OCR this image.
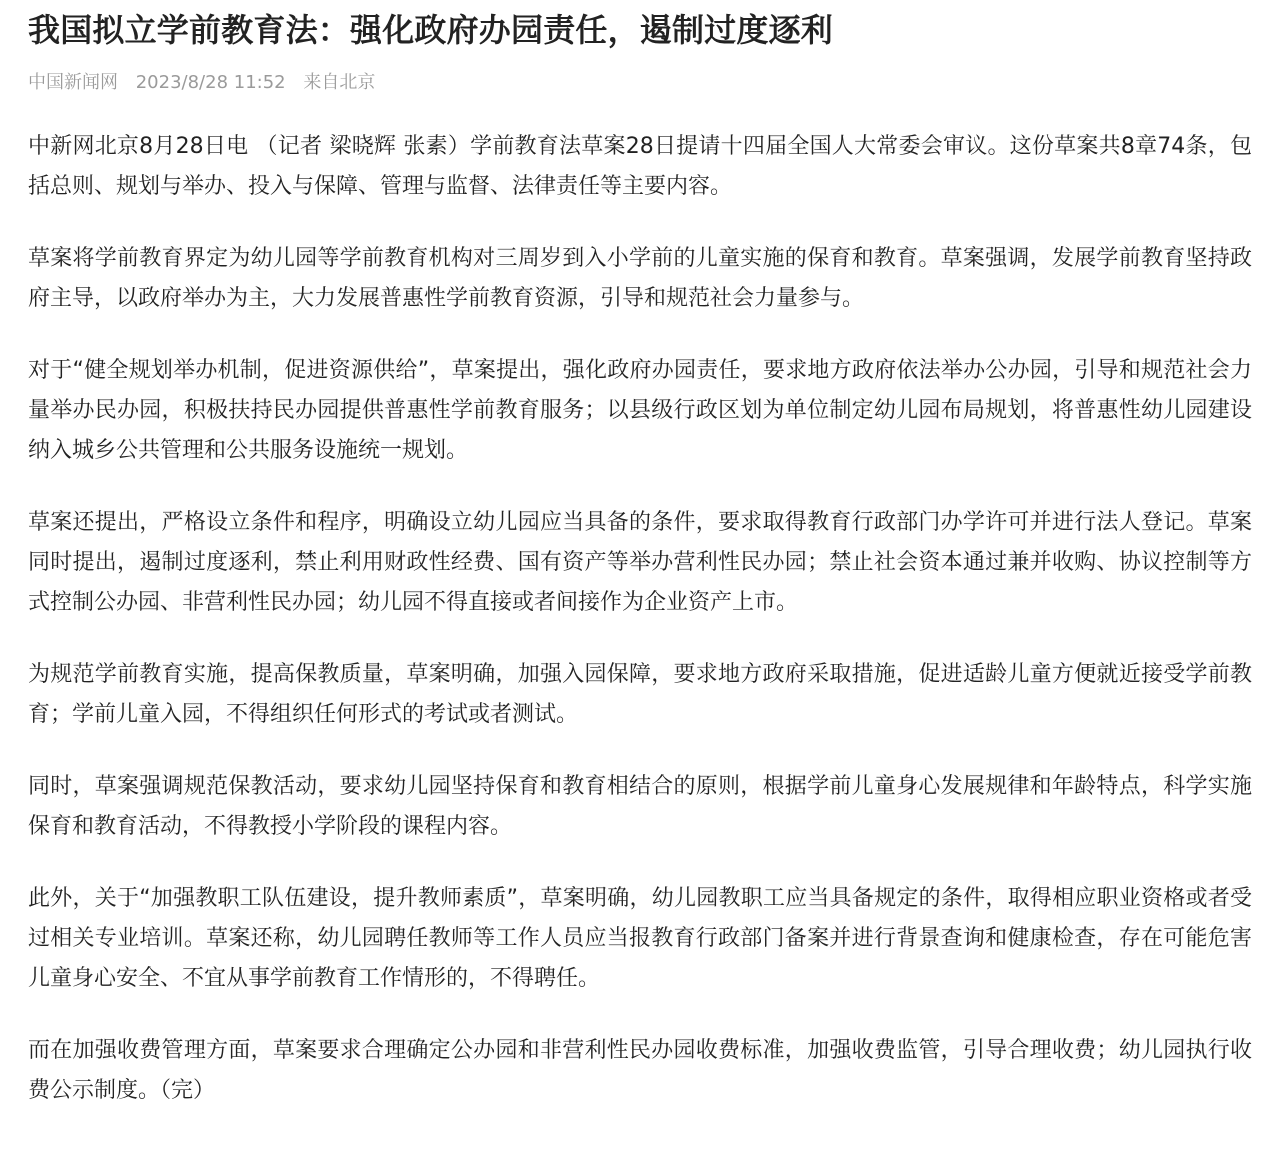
我国拟立学前教育法：强化政府办园责任，遏制过度逐利
中国新闻网 2023/8/28 11:52 来自北京

中新网北京8月28日电 （记者 梁晓辉 张素）学前教育法草案28日提请十四届全国人大常委会审议。这份草案共8章74条，包括总则、规划与举办、投入与保障、管理与监督、法律责任等主要内容。

草案将学前教育界定为幼儿园等学前教育机构对三周岁到入小学前的儿童实施的保育和教育。草案强调，发展学前教育坚持政府主导，以政府举办为主，大力发展普惠性学前教育资源，引导和规范社会力量参与。

对于“健全规划举办机制，促进资源供给”，草案提出，强化政府办园责任，要求地方政府依法举办公办园，引导和规范社会力量举办民办园，积极扶持民办园提供普惠性学前教育服务；以县级行政区划为单位制定幼儿园布局规划，将普惠性幼儿园建设纳入城乡公共管理和公共服务设施统一规划。

草案还提出，严格设立条件和程序，明确设立幼儿园应当具备的条件，要求取得教育行政部门办学许可并进行法人登记。草案同时提出，遏制过度逐利，禁止利用财政性经费、国有资产等举办营利性民办园；禁止社会资本通过兼并收购、协议控制等方式控制公办园、非营利性民办园；幼儿园不得直接或者间接作为企业资产上市。

为规范学前教育实施，提高保教质量，草案明确，加强入园保障，要求地方政府采取措施，促进适龄儿童方便就近接受学前教育；学前儿童入园，不得组织任何形式的考试或者测试。

同时，草案强调规范保教活动，要求幼儿园坚持保育和教育相结合的原则，根据学前儿童身心发展规律和年龄特点，科学实施保育和教育活动，不得教授小学阶段的课程内容。

此外，关于“加强教职工队伍建设，提升教师素质”，草案明确，幼儿园教职工应当具备规定的条件，取得相应职业资格或者受过相关专业培训。草案还称，幼儿园聘任教师等工作人员应当报教育行政部门备案并进行背景查询和健康检查，存在可能危害儿童身心安全、不宜从事学前教育工作情形的，不得聘任。

而在加强收费管理方面，草案要求合理确定公办园和非营利性民办园收费标准，加强收费监管，引导合理收费；幼儿园执行收费公示制度。（完）
